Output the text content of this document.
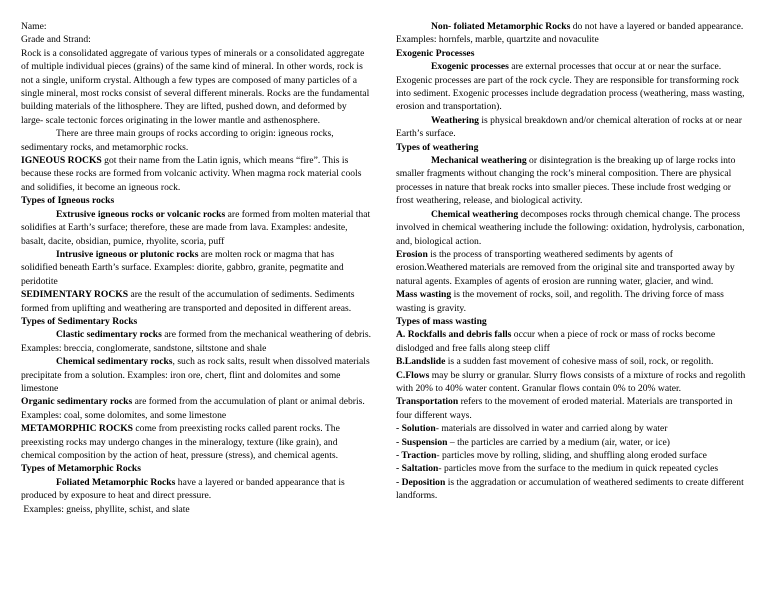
Name:

Grade and Strand:

Rock is a consolidated aggregate of various types of minerals or a consolidated aggregate of multiple individual pieces (grains) of the same kind of mineral. In other words, rock is not a single, uniform crystal. Although a few types are composed of many particles of a single mineral, most rocks consist of several different minerals. Rocks are the fundamental building materials of the lithosphere. They are lifted, pushed down, and deformed by large- scale tectonic forces originating in the lower mantle and asthenosphere.

There are three main groups of rocks according to origin: igneous rocks, sedimentary rocks, and metamorphic rocks.

IGNEOUS ROCKS got their name from the Latin ignis, which means “fire”. This is because these rocks are formed from volcanic activity. When magma rock material cools and solidifies, it become an igneous rock.

Types of Igneous rocks

Extrusive igneous rocks or volcanic rocks are formed from molten material that solidifies at Earth’s surface; therefore, these are made from lava. Examples: andesite, basalt, dacite, obsidian, pumice, rhyolite, scoria, puff

Intrusive igneous or plutonic rocks are molten rock or magma that has solidified beneath Earth’s surface. Examples: diorite, gabbro, granite, pegmatite and peridotite

SEDIMENTARY ROCKS are the result of the accumulation of sediments. Sediments formed from uplifting and weathering are transported and deposited in different areas.

Types of Sedimentary Rocks

Clastic sedimentary rocks are formed from the mechanical weathering of debris.

Examples: breccia, conglomerate, sandstone, siltstone and shale

Chemical sedimentary rocks, such as rock salts, result when dissolved materials

precipitate from a solution. Examples: iron ore, chert, flint and dolomites and some limestone

Organic sedimentary rocks are formed from the accumulation of plant or animal debris. Examples: coal, some dolomites, and some limestone

METAMORPHIC ROCKS come from preexisting rocks called parent rocks. The preexisting rocks may undergo changes in the mineralogy, texture (like grain), and chemical composition by the action of heat, pressure (stress), and chemical agents.

Types of Metamorphic Rocks

Foliated Metamorphic Rocks have a layered or banded appearance that is produced by exposure to heat and direct pressure.

Examples: gneiss, phyllite, schist, and slate

Non- foliated Metamorphic Rocks do not have a layered or banded appearance. Examples: hornfels, marble, quartzite and novaculite

Exogenic Processes

Exogenic processes are external processes that occur at or near the surface. Exogenic processes are part of the rock cycle. They are responsible for transforming rock into sediment. Exogenic processes include degradation process (weathering, mass wasting, erosion and transportation).

Weathering is physical breakdown and/or chemical alteration of rocks at or near Earth’s surface.

Types of weathering

Mechanical weathering or disintegration is the breaking up of large rocks into smaller fragments without changing the rock’s mineral composition. There are physical processes in nature that break rocks into smaller pieces. These include frost wedging or frost weathering, release, and biological activity.

Chemical weathering decomposes rocks through chemical change. The process involved in chemical weathering include the following: oxidation, hydrolysis, carbonation, and, biological action.

Erosion is the process of transporting weathered sediments by agents of erosion.Weathered materials are removed from the original site and transported away by natural agents. Examples of agents of erosion are running water, glacier, and wind.

Mass wasting is the movement of rocks, soil, and regolith. The driving force of mass wasting is gravity.

Types of mass wasting

A. Rockfalls and debris falls occur when a piece of rock or mass of rocks become dislodged and free falls along steep cliff

B.Landslide is a sudden fast movement of cohesive mass of soil, rock, or regolith.

C.Flows may be slurry or granular. Slurry flows consists of a mixture of rocks and regolith with 20% to 40% water content. Granular flows contain 0% to 20% water.

Transportation refers to the movement of eroded material. Materials are transported in four different ways.

- Solution- materials are dissolved in water and carried along by water

- Suspension – the particles are carried by a medium (air, water, or ice)

- Traction- particles move by rolling, sliding, and shuffling along eroded surface

- Saltation- particles move from the surface to the medium in quick repeated cycles

- Deposition is the aggradation or accumulation of weathered sediments to create different landforms.
